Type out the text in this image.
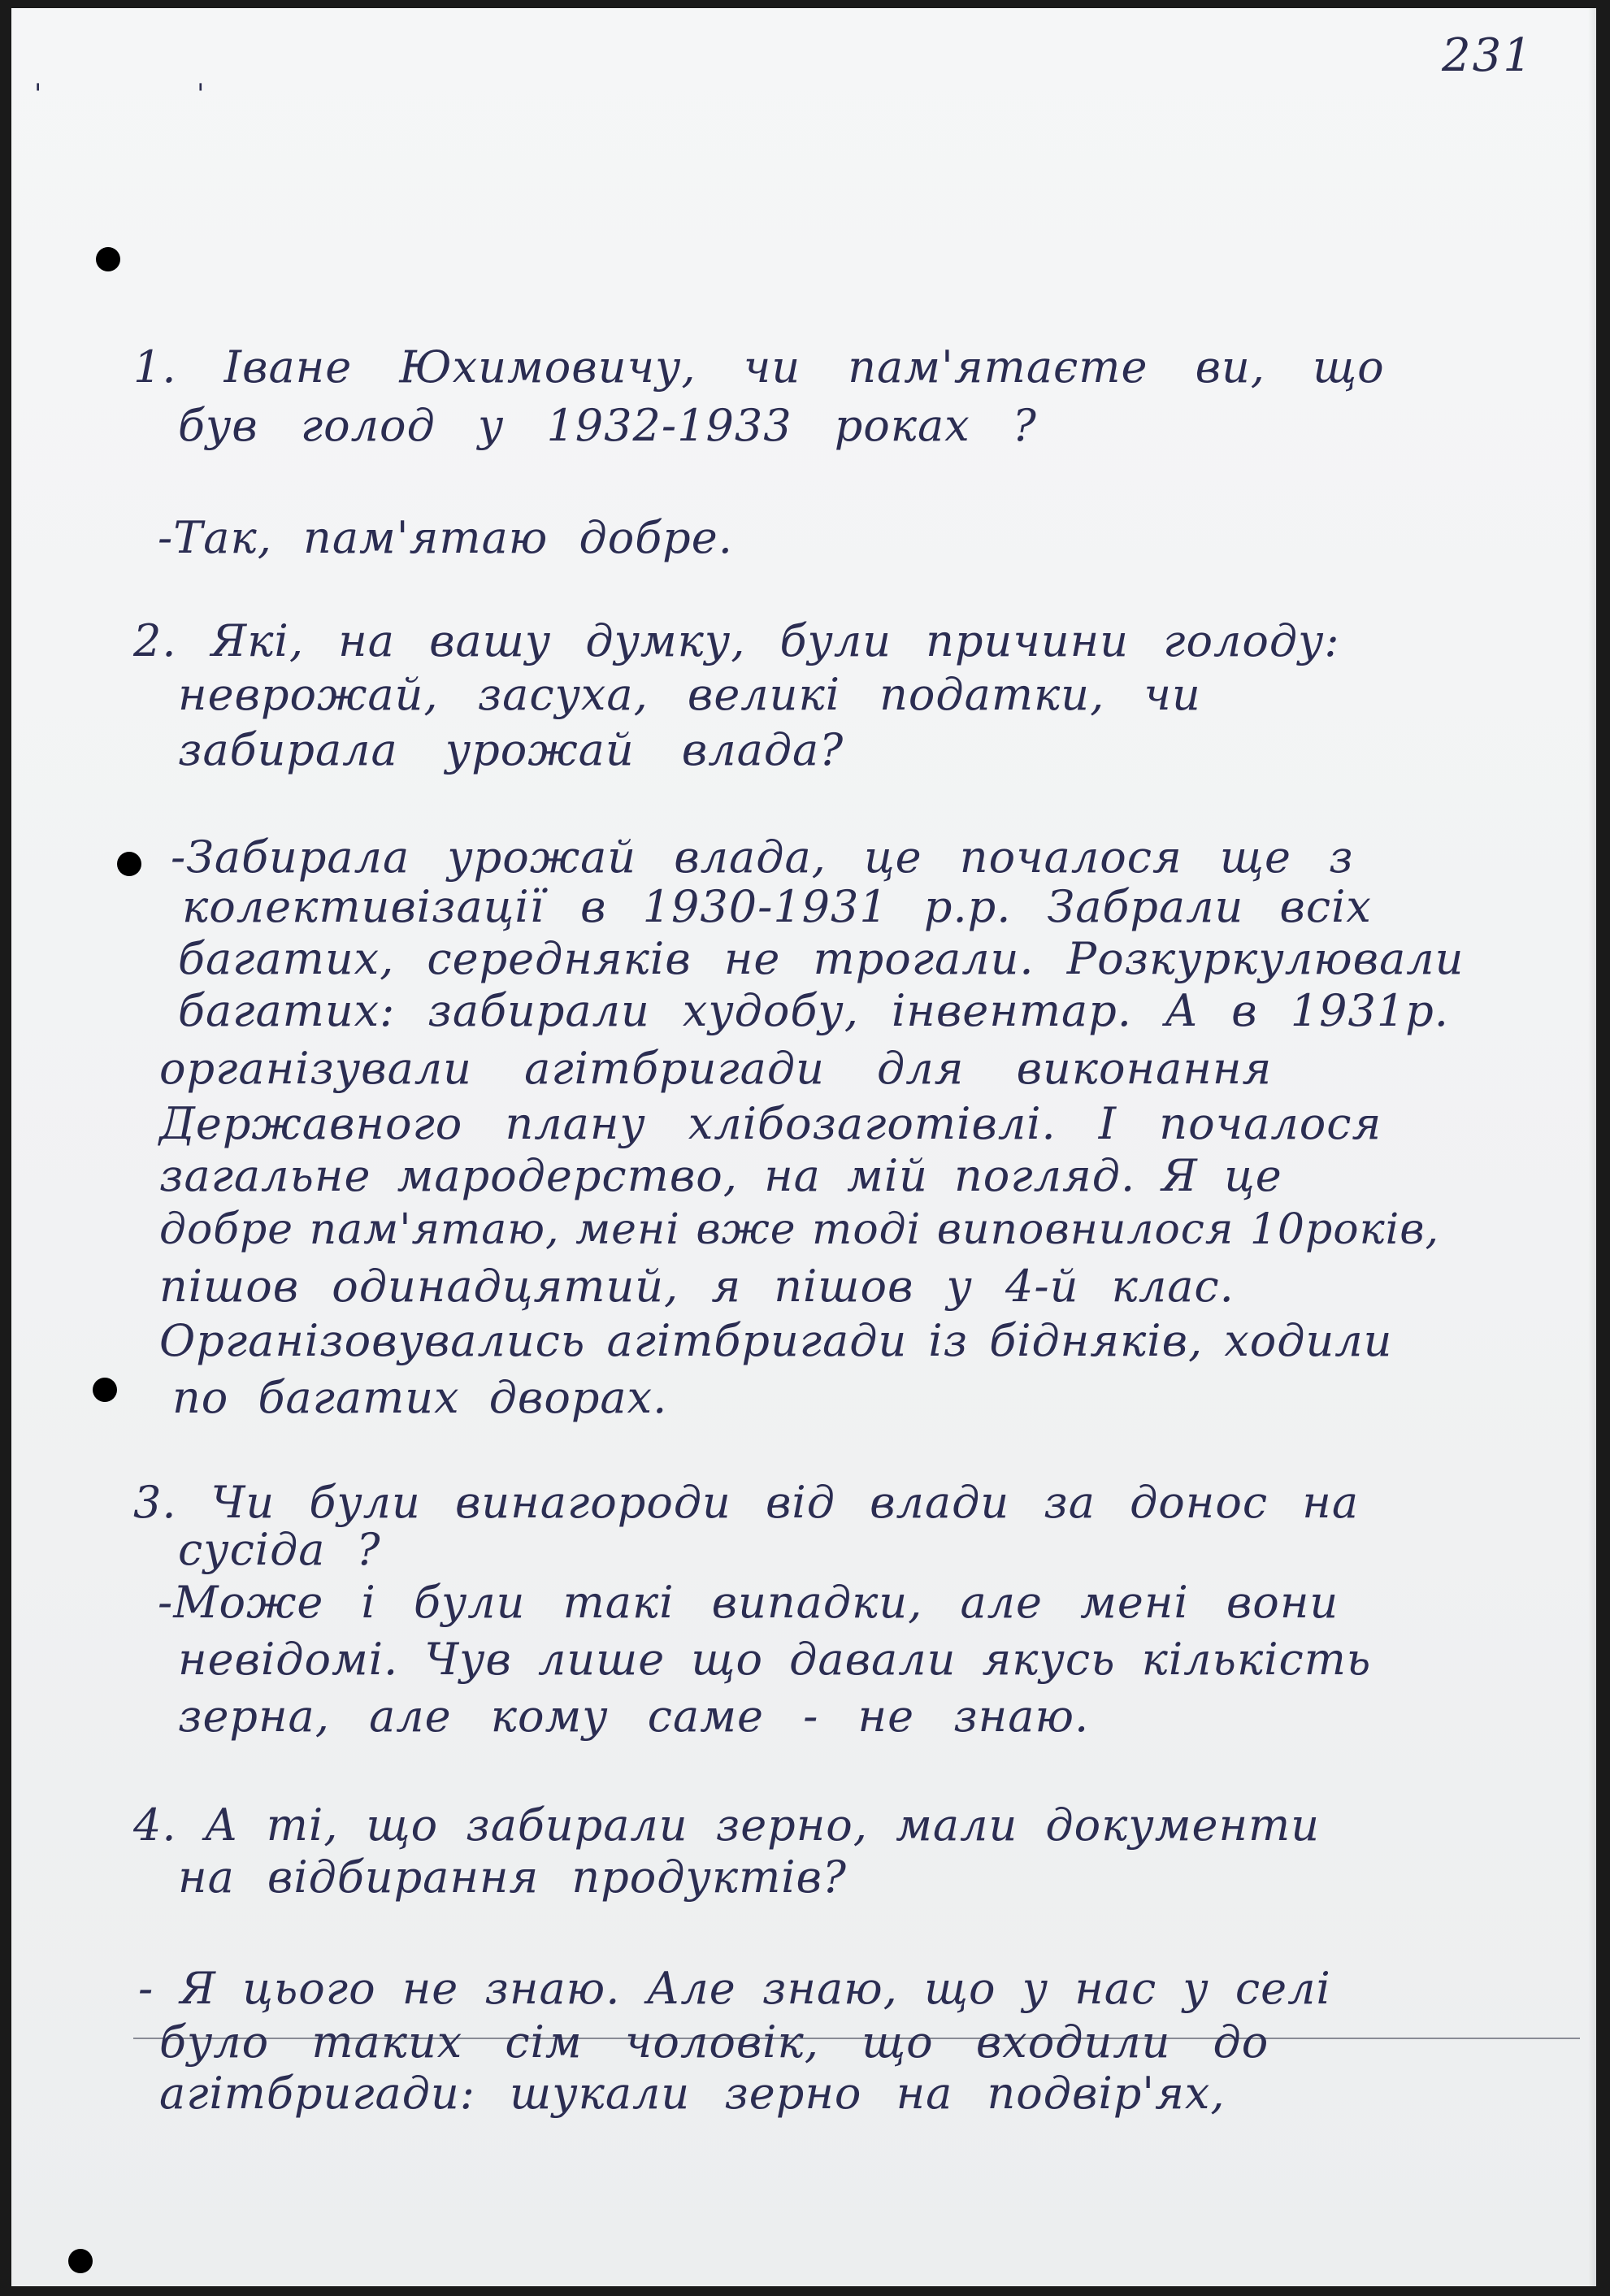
231
' '
1. Іване Юхимовичу, чи пам'ятаєте ви, що
був голод у 1932-1933 роках ?
-Так, пам'ятаю добре.
2. Які, на вашу думку, були причини голоду:
неврожай, засуха, великі податки, чи
забирала урожай влада?
-Забирала урожай влада, це почалося ще з
колективізації в 1930-1931 р.р. Забрали всіх
багатих, середняків не трогали. Розкуркулювали
багатих: забирали худобу, інвентар. А в 1931р.
організували агітбригади для виконання
Державного плану хлібозаготівлі. І почалося
загальне мародерство, на мій погляд. Я це
добре пам'ятаю, мені вже тоді виповнилося 10років,
пішов одинадцятий, я пішов у 4-й клас.
Організовувались агітбригади із бідняків, ходили
по багатих дворах.
3. Чи були винагороди від влади за донос на
сусіда ?
-Може і були такі випадки, але мені вони
невідомі. Чув лише що давали якусь кількість
зерна, але кому саме - не знаю.
4. А ті, що забирали зерно, мали документи
на відбирання продуктів?
- Я цього не знаю. Але знаю, що у нас у селі
було таких сім чоловік, що входили до
агітбригади: шукали зерно на подвір'ях,
